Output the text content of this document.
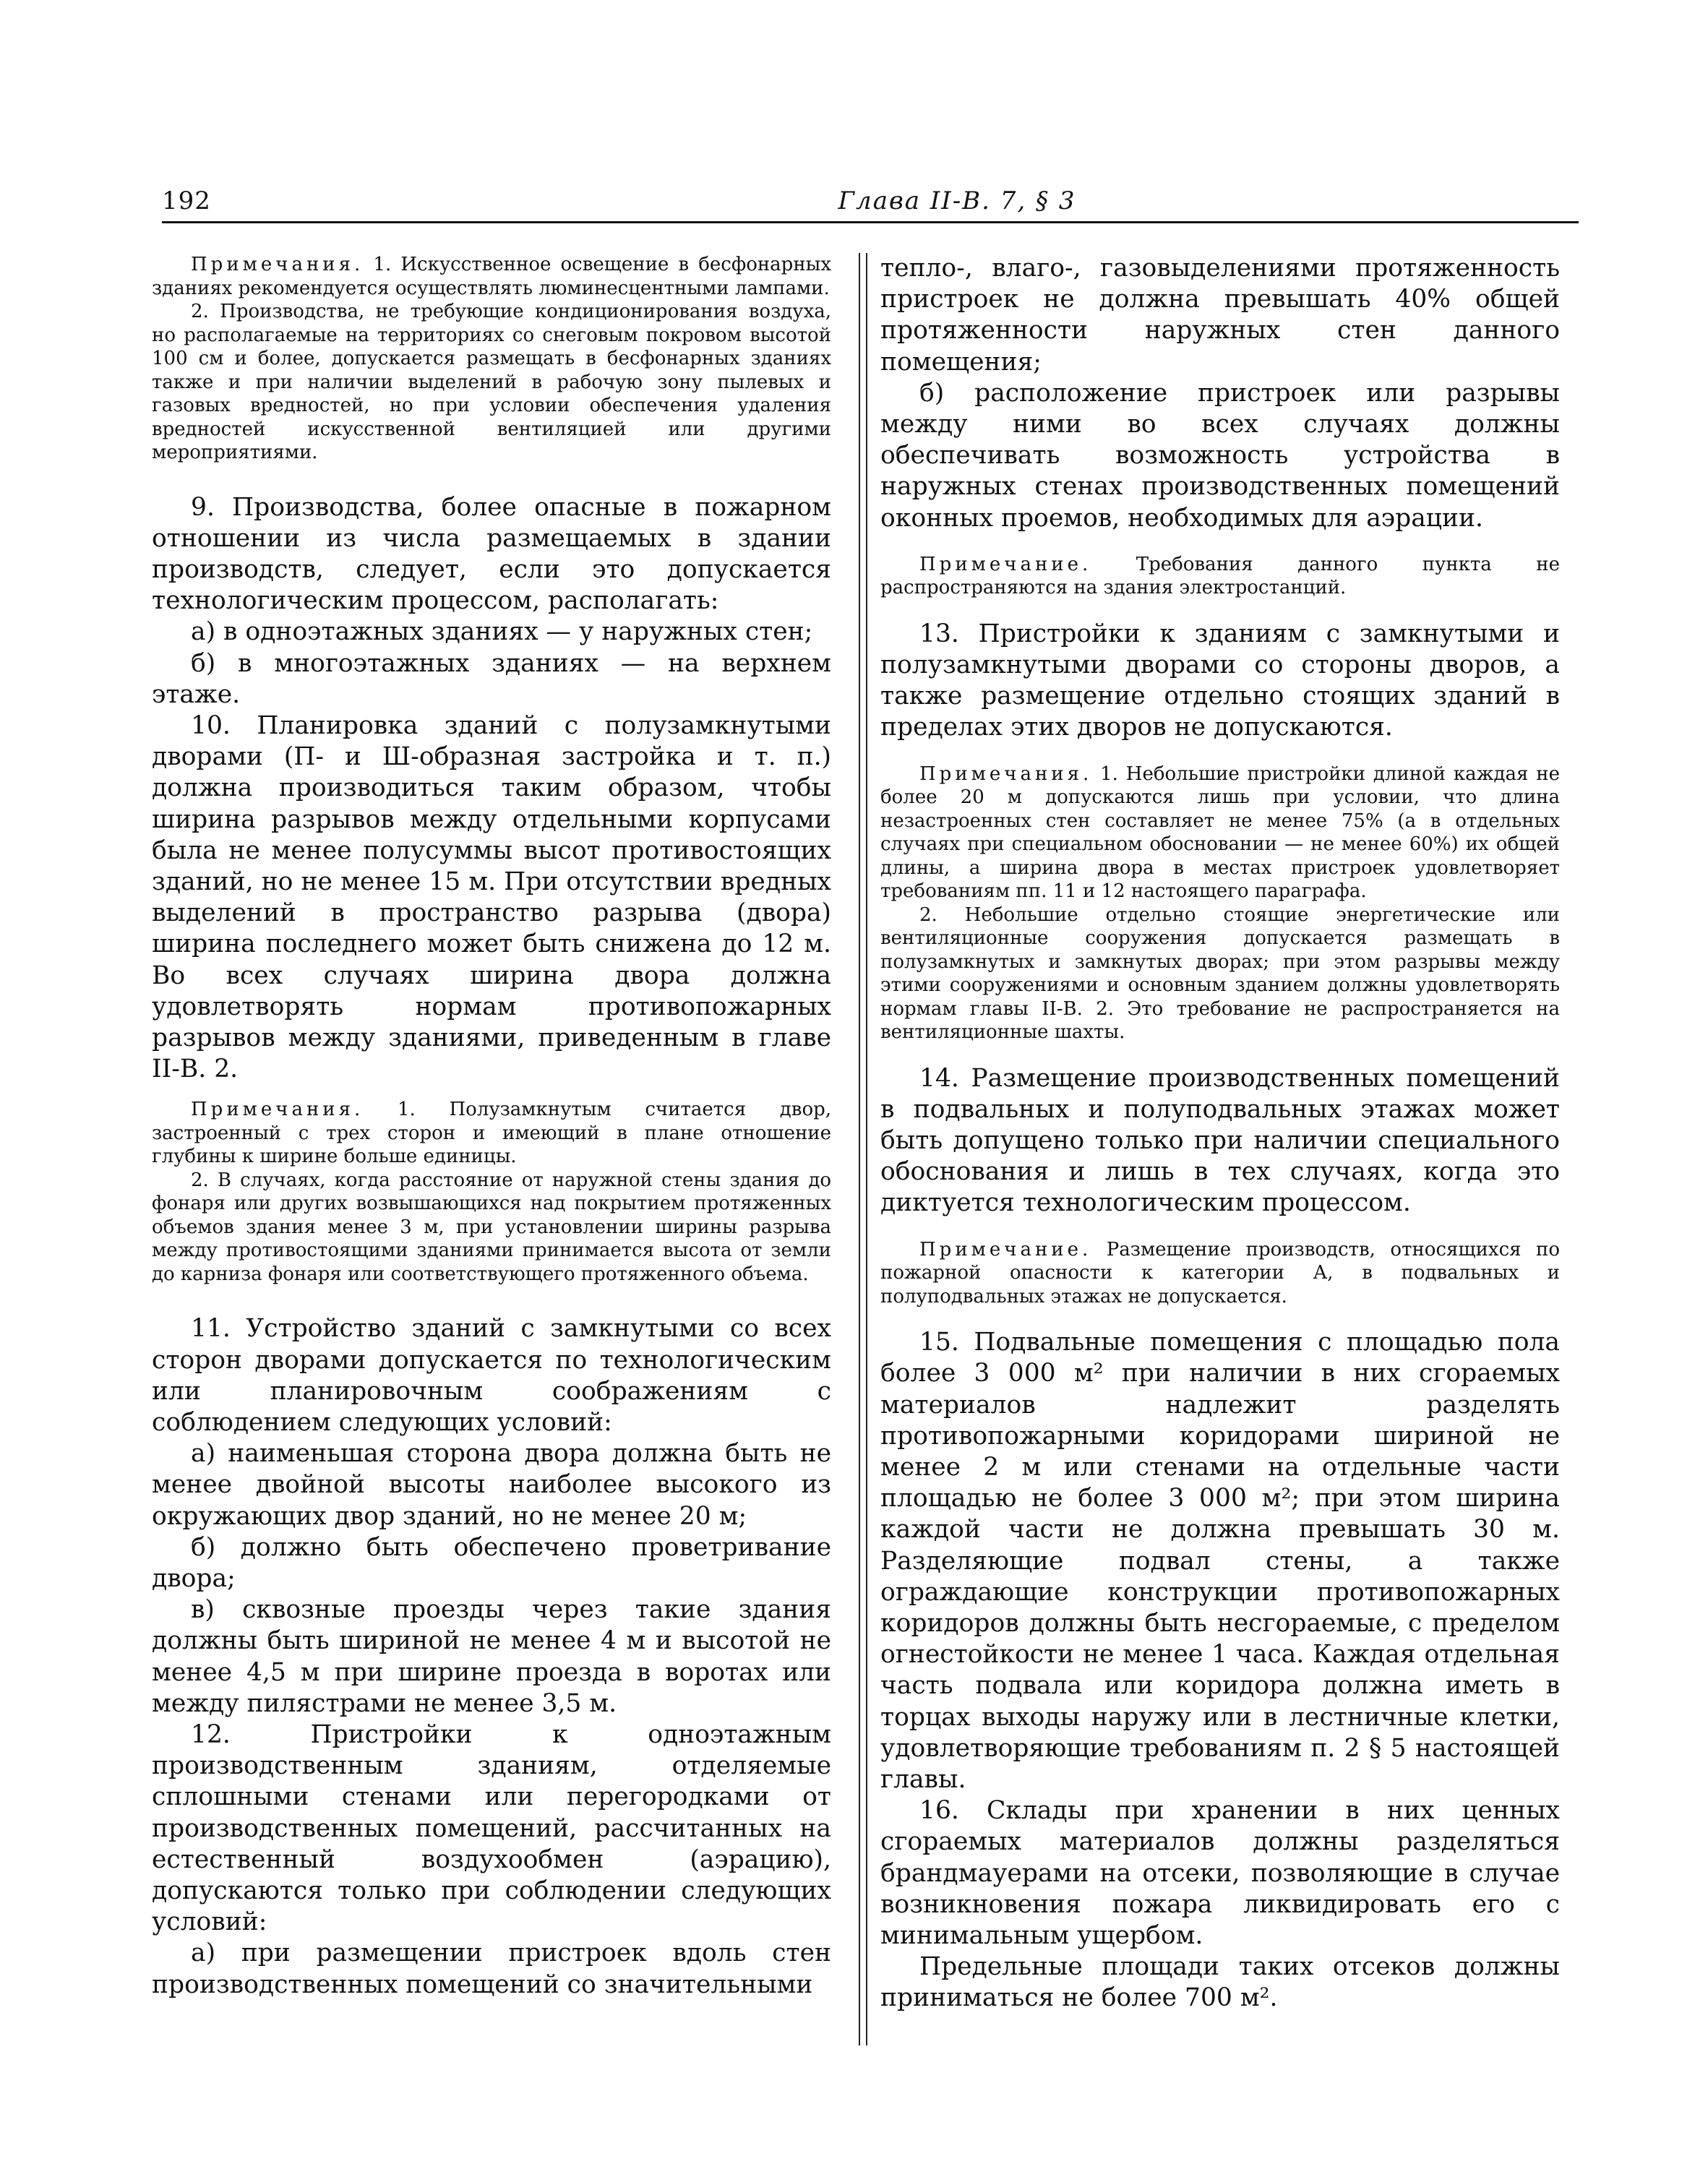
192	Глава II-В. 7, § 3

Примечания. 1. Искусственное освещение в бесфонарных зданиях рекомендуется осуществлять люминесцентными лампами.

2. Производства, не требующие кондиционирования воздуха, но располагаемые на территориях со снеговым покровом высотой 100 см и более, допускается размещать в бесфонарных зданиях также и при наличии выделений в рабочую зону пылевых и газовых вредностей, но при условии обеспечения удаления вредностей искусственной вентиляцией или другими мероприятиями.

9. Производства, более опасные в пожарном отношении из числа размещаемых в здании производств, следует, если это допускается технологическим процессом, располагать:

а) в одноэтажных зданиях — у наружных стен;

б) в многоэтажных зданиях — на верхнем этаже.

10. Планировка зданий с полузамкнутыми дворами (П- и Ш-образная застройка и т. п.) должна производиться таким образом, чтобы ширина разрывов между отдельными корпусами была не менее полусуммы высот противостоящих зданий, но не менее 15 м. При отсутствии вредных выделений в пространство разрыва (двора) ширина последнего может быть снижена до 12 м. Во всех случаях ширина двора должна удовлетворять нормам противопожарных разрывов между зданиями, приведенным в главе II-В. 2.

Примечания. 1. Полузамкнутым считается двор, застроенный с трех сторон и имеющий в плане отношение глубины к ширине больше единицы.

2. В случаях, когда расстояние от наружной стены здания до фонаря или других возвышающихся над покрытием протяженных объемов здания менее 3 м, при установлении ширины разрыва между противостоящими зданиями принимается высота от земли до карниза фонаря или соответствующего протяженного объема.

11. Устройство зданий с замкнутыми со всех сторон дворами допускается по технологическим или планировочным соображениям с соблюдением следующих условий:

а) наименьшая сторона двора должна быть не менее двойной высоты наиболее высокого из окружающих двор зданий, но не менее 20 м;

б) должно быть обеспечено проветривание двора;

в) сквозные проезды через такие здания должны быть шириной не менее 4 м и высотой не менее 4,5 м при ширине проезда в воротах или между пилястрами не менее 3,5 м.

12. Пристройки к одноэтажным производственным зданиям, отделяемые сплошными стенами или перегородками от производственных помещений, рассчитанных на естественный воздухообмен (аэрацию), допускаются только при соблюдении следующих условий:

а) при размещении пристроек вдоль стен производственных помещений со значительными

тепло-, влаго-, газовыделениями протяженность пристроек не должна превышать 40% общей протяженности наружных стен данного помещения;

б) расположение пристроек или разрывы между ними во всех случаях должны обеспечивать возможность устройства в наружных стенах производственных помещений оконных проемов, необходимых для аэрации.

Примечание. Требования данного пункта не распространяются на здания электростанций.

13. Пристройки к зданиям с замкнутыми и полузамкнутыми дворами со стороны дворов, а также размещение отдельно стоящих зданий в пределах этих дворов не допускаются.

Примечания. 1. Небольшие пристройки длиной каждая не более 20 м допускаются лишь при условии, что длина незастроенных стен составляет не менее 75% (а в отдельных случаях при специальном обосновании — не менее 60%) их общей длины, а ширина двора в местах пристроек удовлетворяет требованиям пп. 11 и 12 настоящего параграфа.

2. Небольшие отдельно стоящие энергетические или вентиляционные сооружения допускается размещать в полузамкнутых и замкнутых дворах; при этом разрывы между этими сооружениями и основным зданием должны удовлетворять нормам главы II-В. 2. Это требование не распространяется на вентиляционные шахты.

14. Размещение производственных помещений в подвальных и полуподвальных этажах может быть допущено только при наличии специального обоснования и лишь в тех случаях, когда это диктуется технологическим процессом.

Примечание. Размещение производств, относящихся по пожарной опасности к категории А, в подвальных и полуподвальных этажах не допускается.

15. Подвальные помещения с площадью пола более 3 000 м² при наличии в них сгораемых материалов надлежит разделять противопожарными коридорами шириной не менее 2 м или стенами на отдельные части площадью не более 3 000 м²; при этом ширина каждой части не должна превышать 30 м. Разделяющие подвал стены, а также ограждающие конструкции противопожарных коридоров должны быть несгораемые, с пределом огнестойкости не менее 1 часа. Каждая отдельная часть подвала или коридора должна иметь в торцах выходы наружу или в лестничные клетки, удовлетворяющие требованиям п. 2 § 5 настоящей главы.

16. Склады при хранении в них ценных сгораемых материалов должны разделяться брандмауерами на отсеки, позволяющие в случае возникновения пожара ликвидировать его с минимальным ущербом.

Предельные площади таких отсеков должны приниматься не более 700 м².
